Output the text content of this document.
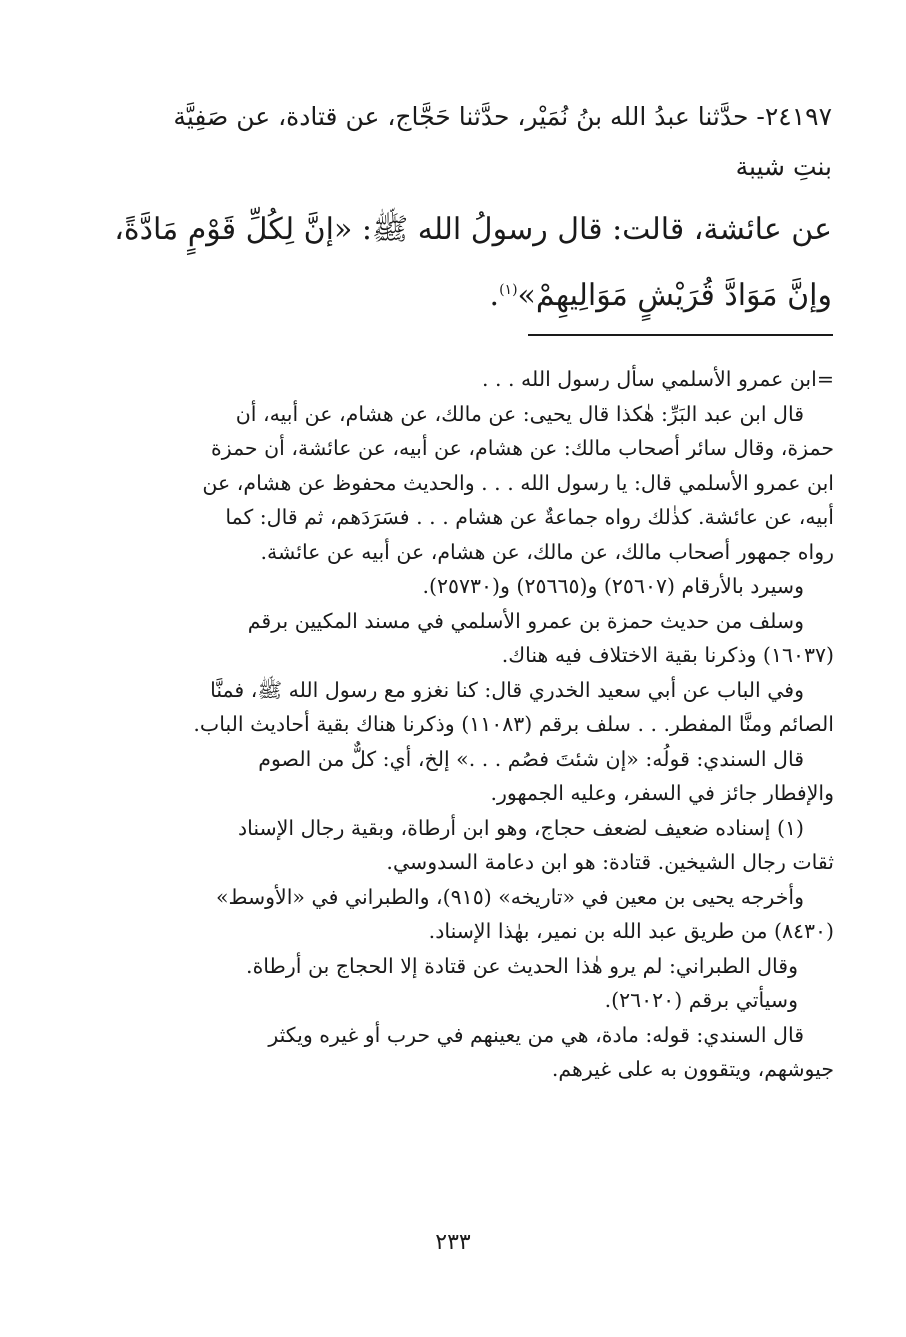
٢٤١٩٧- حدَّثنا عبدُ الله بنُ نُمَيْر، حدَّثنا حَجَّاج، عن قتادة، عن صَفِيَّة
بنتِ شيبة
عن عائشة، قالت: قال رسولُ الله ﷺ: «إنَّ لِكُلِّ قَوْمٍ مَادَّةً،
وإنَّ مَوَادَّ قُرَيْشٍ مَوَالِيهِمْ»$^{(١)}$.
=ابن عمرو الأسلمي سأل رسول الله . . .
قال ابن عبد البَرِّ: هٰكذا قال يحيى: عن مالك، عن هشام، عن أبيه، أن
حمزة، وقال سائر أصحاب مالك: عن هشام، عن أبيه، عن عائشة، أن حمزة
ابن عمرو الأسلمي قال: يا رسول الله . . . والحديث محفوظ عن هشام، عن
أبيه، عن عائشة. كذٰلك رواه جماعةٌ عن هشام . . . فسَرَدَهم، ثم قال: كما
رواه جمهور أصحاب مالك، عن مالك، عن هشام، عن أبيه عن عائشة.
وسيرد بالأرقام (٢٥٦٠٧) و(٢٥٦٦٥) و(٢٥٧٣٠).
وسلف من حديث حمزة بن عمرو الأسلمي في مسند المكيين برقم
(١٦٠٣٧) وذكرنا بقية الاختلاف فيه هناك.
وفي الباب عن أبي سعيد الخدري قال: كنا نغزو مع رسول الله ﷺ، فمنَّا
الصائم ومنَّا المفطر. . . سلف برقم (١١٠٨٣) وذكرنا هناك بقية أحاديث الباب.
قال السندي: قولُه: «إن شئتَ فصُم . . .» إلخ، أي: كلٌّ من الصوم
والإفطار جائز في السفر، وعليه الجمهور.
(١) إسناده ضعيف لضعف حجاج، وهو ابن أرطاة، وبقية رجال الإسناد
ثقات رجال الشيخين. قتادة: هو ابن دعامة السدوسي.
وأخرجه يحيى بن معين في «تاريخه» (٩١٥)، والطبراني في «الأوسط»
(٨٤٣٠) من طريق عبد الله بن نمير، بهٰذا الإسناد.
وقال الطبراني: لم يرو هٰذا الحديث عن قتادة إلا الحجاج بن أرطاة.
وسيأتي برقم (٢٦٠٢٠).
قال السندي: قوله: مادة، هي من يعينهم في حرب أو غيره ويكثر
جيوشهم، ويتقوون به على غيرهم.
٢٣٣
